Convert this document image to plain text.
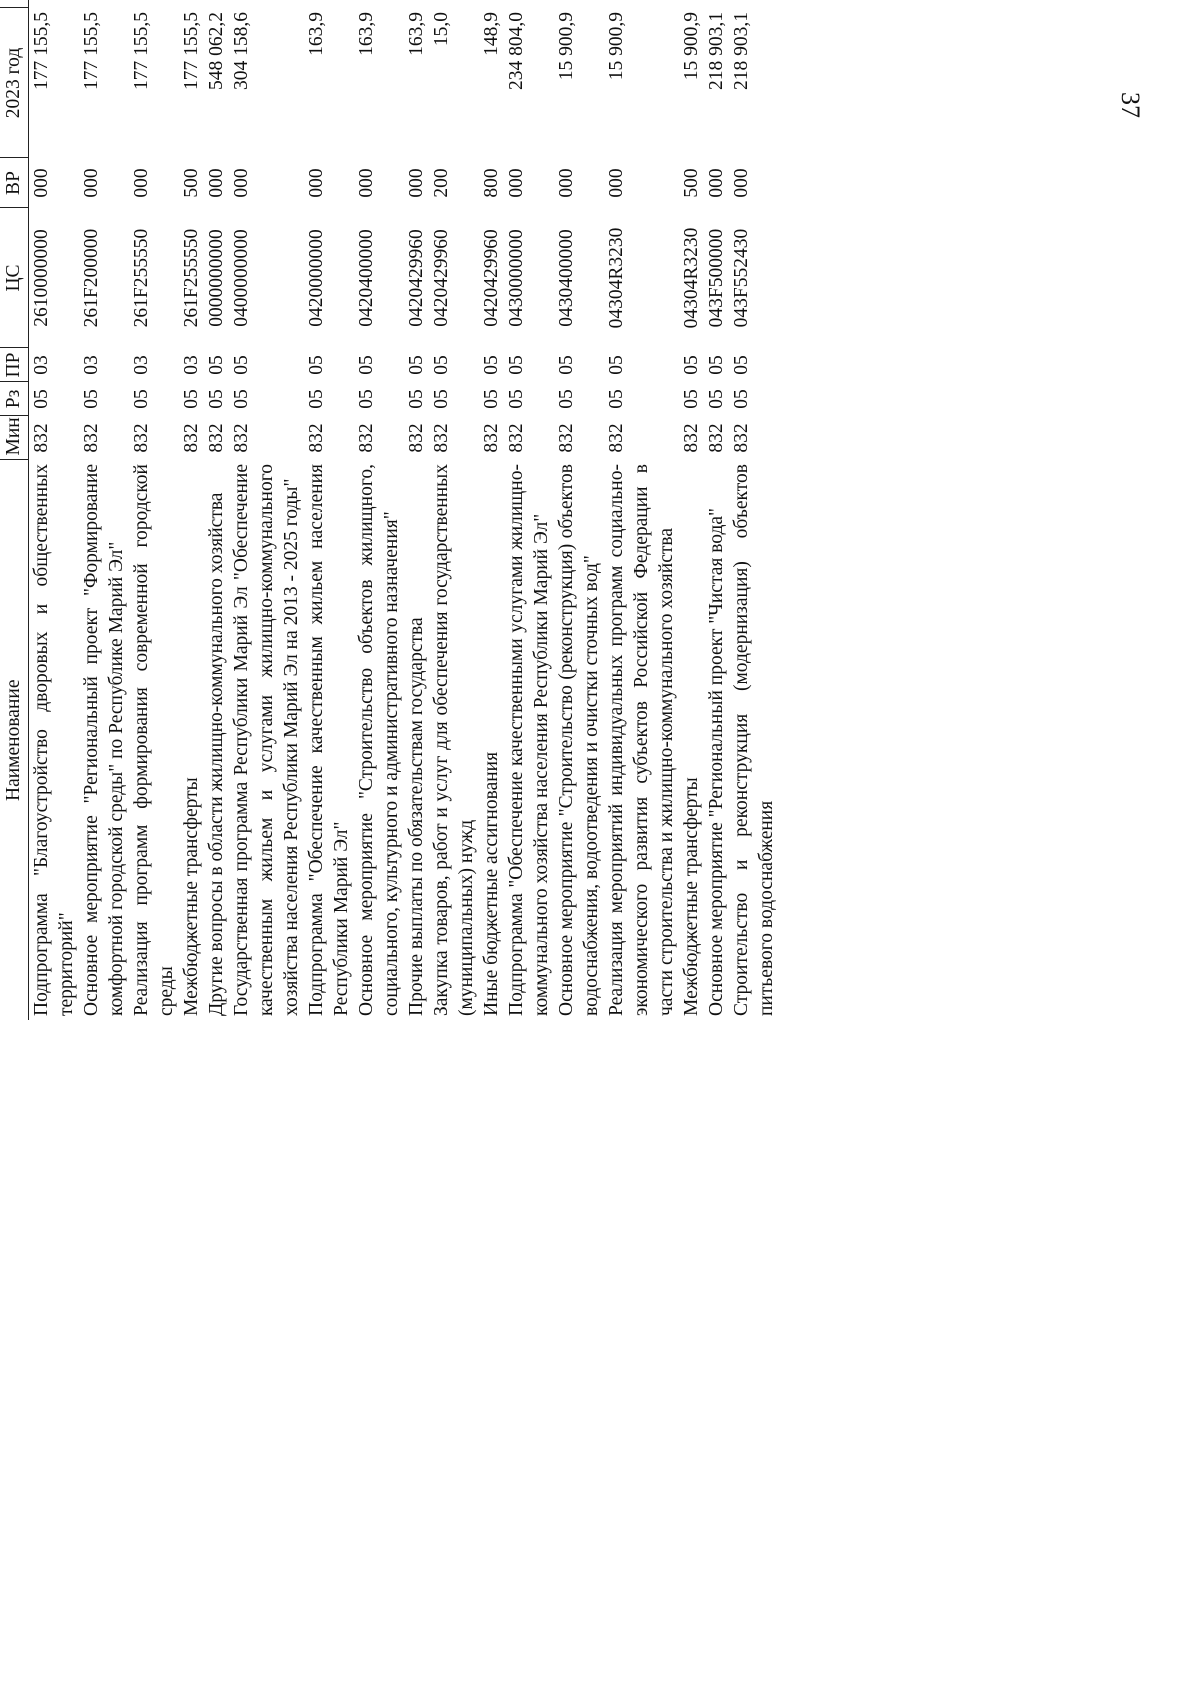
37
Наименование	Мин	Рз	ПР	ЦС	ВР	2023 год		
Подпрограмма "Благоустройство дворовых и общественных территорий"	832	05	03	2610000000	000	177 155,5		
Основное мероприятие "Региональный проект "Формирование комфортной городской среды" по Республике Марий Эл"	832	05	03	261F200000	000	177 155,5		
Реализация программ формирования современной городской среды	832	05	03	261F255550	000	177 155,5		
Межбюджетные трансферты	832	05	03	261F255550	500	177 155,5		
Другие вопросы в области жилищно-коммунального хозяйства	832	05	05	0000000000	000	548 062,2		
Государственная программа Республики Марий Эл "Обеспечение качественным жильем и услугами жилищно-коммунального хозяйства населения Республики Марий Эл на 2013 - 2025 годы"	832	05	05	0400000000	000	304 158,6		
Подпрограмма "Обеспечение качественным жильем населения Республики Марий Эл"	832	05	05	0420000000	000	163,9		
Основное мероприятие "Строительство объектов жилищного, социального, культурного и административного назначения"	832	05	05	0420400000	000	163,9		
Прочие выплаты по обязательствам государства	832	05	05	0420429960	000	163,9		
Закупка товаров, работ и услуг для обеспечения государственных (муниципальных) нужд	832	05	05	0420429960	200	15,0		
Иные бюджетные ассигнования	832	05	05	0420429960	800	148,9		
Подпрограмма "Обеспечение качественными услугами жилищно-коммунального хозяйства населения Республики Марий Эл"	832	05	05	0430000000	000	234 804,0		
Основное мероприятие "Строительство (реконструкция) объектов водоснабжения, водоотведения и очистки сточных вод"	832	05	05	0430400000	000	15 900,9		
Реализация мероприятий индивидуальных программ социально-экономического развития субъектов Российской Федерации в части строительства и жилищно-коммунального хозяйства	832	05	05	04304R3230	000	15 900,9		
Межбюджетные трансферты	832	05	05	04304R3230	500	15 900,9		
Основное мероприятие "Региональный проект "Чистая вода"	832	05	05	043F500000	000	218 903,1		
Строительство и реконструкция (модернизация) объектов питьевого водоснабжения	832	05	05	043F552430	000	218 903,1		
